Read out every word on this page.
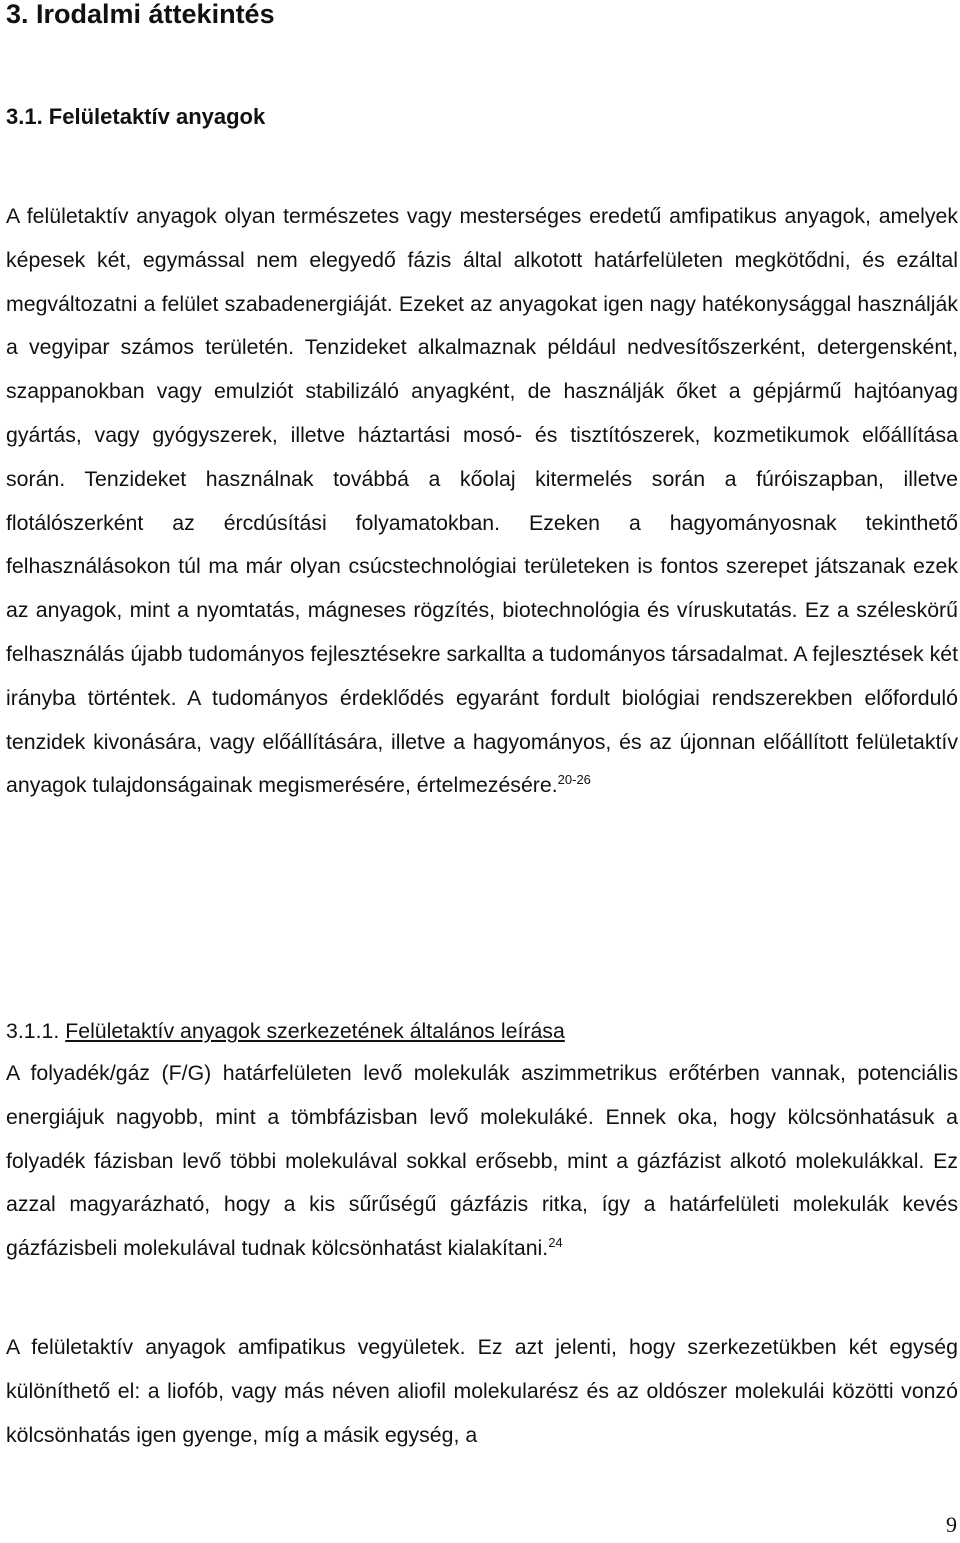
3. Irodalmi áttekintés
3.1. Felületaktív anyagok

A felületaktív anyagok olyan természetes vagy mesterséges eredetű amfipatikus anyagok, amelyek képesek két, egymással nem elegyedő fázis által alkotott határfelületen megkötődni, és ezáltal megváltozatni a felület szabadenergiáját. Ezeket az anyagokat igen nagy hatékonysággal használják a vegyipar számos területén. Tenzideket alkalmaznak például nedvesítőszerként, detergensként, szappanokban vagy emulziót stabilizáló anyagként, de használják őket a gépjármű hajtóanyag gyártás, vagy gyógyszerek, illetve háztartási mosó- és tisztítószerek, kozmetikumok előállítása során. Tenzideket használnak továbbá a kőolaj kitermelés során a fúróiszapban, illetve flotálószerként az ércdúsítási folyamatokban. Ezeken a hagyományosnak tekinthető felhasználásokon túl ma már olyan csúcstechnológiai területeken is fontos szerepet játszanak ezek az anyagok, mint a nyomtatás, mágneses rögzítés, biotechnológia és víruskutatás. Ez a széleskörű felhasználás újabb tudományos fejlesztésekre sarkallta a tudományos társadalmat. A fejlesztések két irányba történtek. A tudományos érdeklődés egyaránt fordult biológiai rendszerekben előforduló tenzidek kivonására, vagy előállítására, illetve a hagyományos, és az újonnan előállított felületaktív anyagok tulajdonságainak megismerésére, értelmezésére.$^{20-26}$

3.1.1. Felületaktív anyagok szerkezetének általános leírása

A folyadék/gáz (F/G) határfelületen levő molekulák aszimmetrikus erőtérben vannak, potenciális energiájuk nagyobb, mint a tömbfázisban levő molekuláké. Ennek oka, hogy kölcsönhatásuk a folyadék fázisban levő többi molekulával sokkal erősebb, mint a gázfázist alkotó molekulákkal. Ez azzal magyarázható, hogy a kis sűrűségű gázfázis ritka, így a határfelületi molekulák kevés gázfázisbeli molekulával tudnak kölcsönhatást kialakítani.$^{24}$

A felületaktív anyagok amfipatikus vegyületek. Ez azt jelenti, hogy szerkezetükben két egység különíthető el: a liofób, vagy más néven aliofil molekularész és az oldószer molekulái közötti vonzó kölcsönhatás igen gyenge, míg a másik egység, a

9
